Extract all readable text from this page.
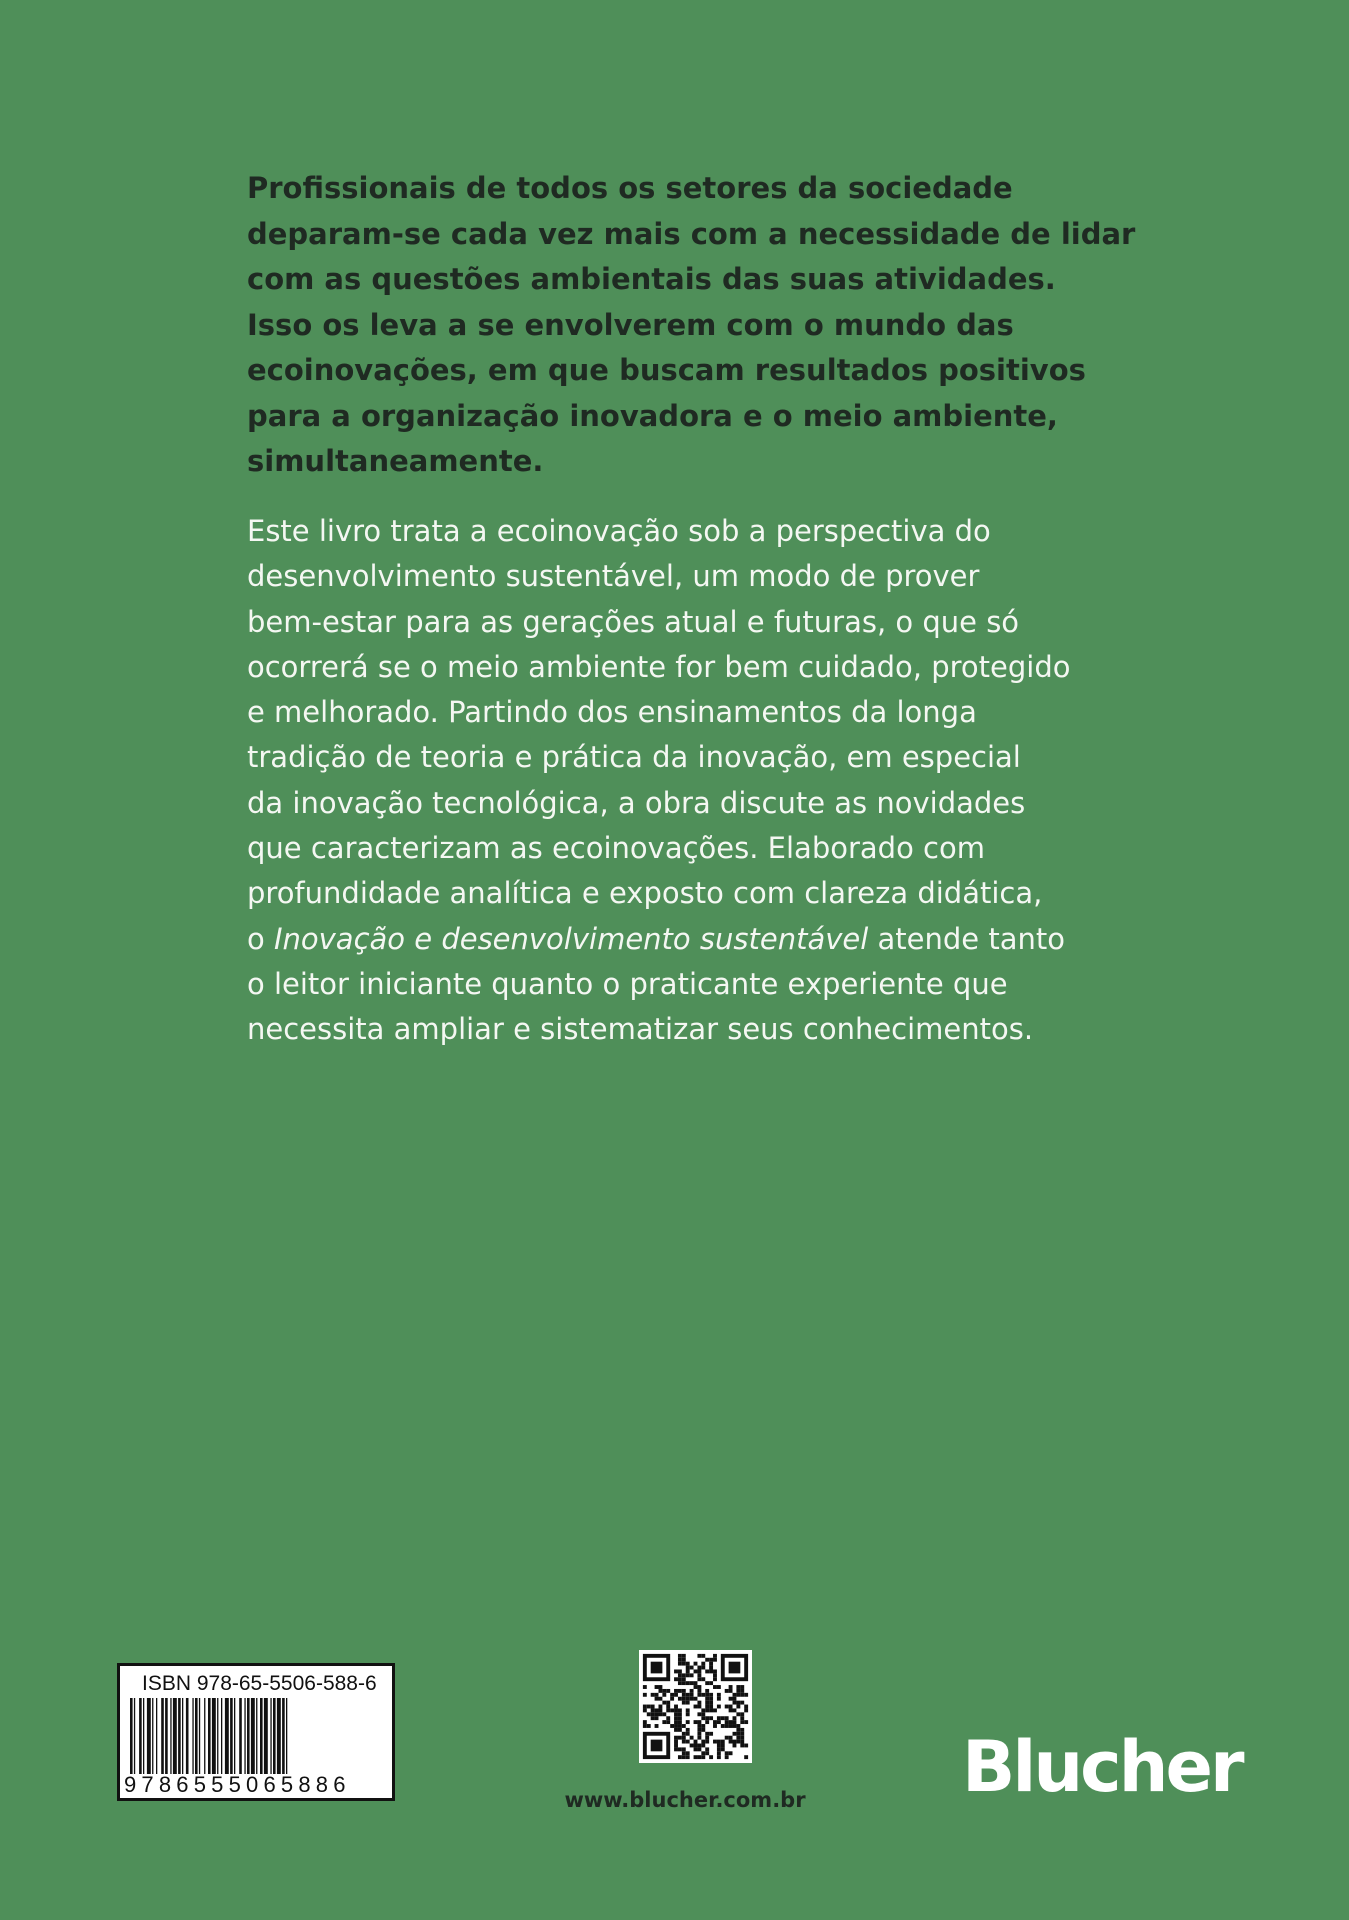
Profissionais de todos os setores da sociedade
deparam-se cada vez mais com a necessidade de lidar
com as questões ambientais das suas atividades.
Isso os leva a se envolverem com o mundo das
ecoinovações, em que buscam resultados positivos
para a organização inovadora e o meio ambiente,
simultaneamente.
Este livro trata a ecoinovação sob a perspectiva do
desenvolvimento sustentável, um modo de prover
bem-estar para as gerações atual e futuras, o que só
ocorrerá se o meio ambiente for bem cuidado, protegido
e melhorado. Partindo dos ensinamentos da longa
tradição de teoria e prática da inovação, em especial
da inovação tecnológica, a obra discute as novidades
que caracterizam as ecoinovações. Elaborado com
profundidade analítica e exposto com clareza didática,
o Inovação e desenvolvimento sustentável atende tanto
o leitor iniciante quanto o praticante experiente que
necessita ampliar e sistematizar seus conhecimentos.
ISBN 978-65-5506-588-6
9786555065886
www.blucher.com.br	Blucher
